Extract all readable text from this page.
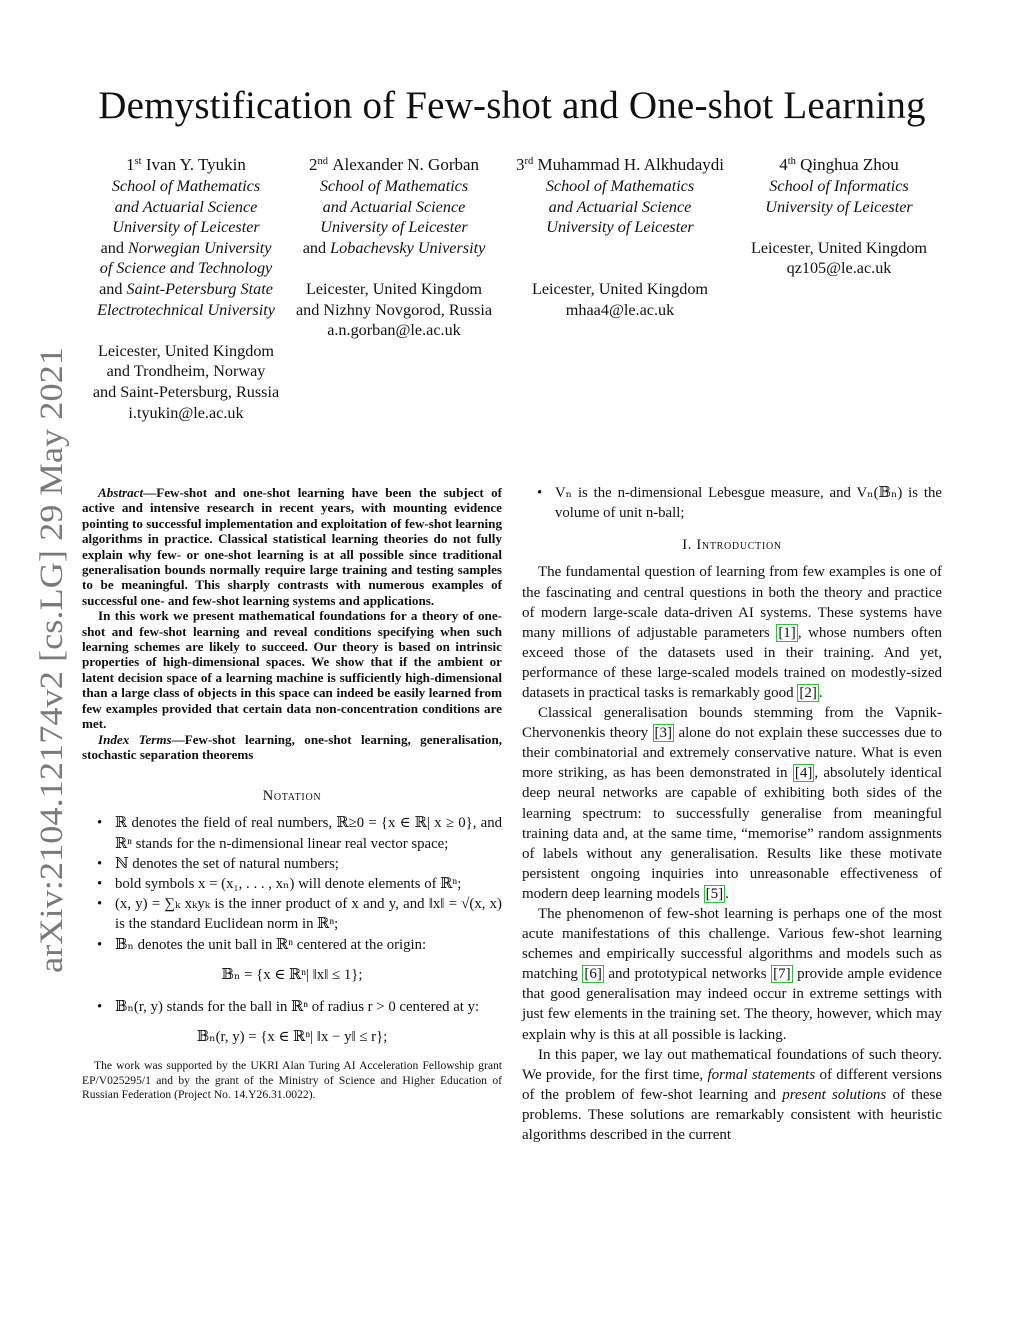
arXiv:2104.12174v2 [cs.LG] 29 May 2021
Demystification of Few-shot and One-shot Learning
1st Ivan Y. Tyukin
School of Mathematics
and Actuarial Science
University of Leicester
and Norwegian University
of Science and Technology
and Saint-Petersburg State
Electrotechnical University
Leicester, United Kingdom
and Trondheim, Norway
and Saint-Petersburg, Russia
i.tyukin@le.ac.uk
2nd Alexander N. Gorban
School of Mathematics
and Actuarial Science
University of Leicester
and Lobachevsky University
Leicester, United Kingdom
and Nizhny Novgorod, Russia
a.n.gorban@le.ac.uk
3rd Muhammad H. Alkhudaydi
School of Mathematics
and Actuarial Science
University of Leicester
Leicester, United Kingdom
mhaa4@le.ac.uk
4th Qinghua Zhou
School of Informatics
University of Leicester
Leicester, United Kingdom
qz105@le.ac.uk

Abstract—Few-shot and one-shot learning have been the subject of active and intensive research in recent years, with mounting evidence pointing to successful implementation and exploitation of few-shot learning algorithms in practice. Classical statistical learning theories do not fully explain why few- or one-shot learning is at all possible since traditional generalisation bounds normally require large training and testing samples to be meaningful. This sharply contrasts with numerous examples of successful one- and few-shot learning systems and applications.

In this work we present mathematical foundations for a theory of one-shot and few-shot learning and reveal conditions specifying when such learning schemes are likely to succeed. Our theory is based on intrinsic properties of high-dimensional spaces. We show that if the ambient or latent decision space of a learning machine is sufficiently high-dimensional than a large class of objects in this space can indeed be easily learned from few examples provided that certain data non-concentration conditions are met.

Index Terms—Few-shot learning, one-shot learning, generalisation, stochastic separation theorems

Notation
• ℝ denotes the field of real numbers, ℝ≥0 = {x ∈ ℝ| x ≥ 0}, and ℝⁿ stands for the n-dimensional linear real vector space;
• ℕ denotes the set of natural numbers;
• bold symbols x = (x₁, . . . , xₙ) will denote elements of ℝⁿ;
• (x, y) = ∑ₖ xₖyₖ is the inner product of x and y, and ‖x‖ = √(x, x) is the standard Euclidean norm in ℝⁿ;
• 𝔹ₙ denotes the unit ball in ℝⁿ centered at the origin:
𝔹ₙ = {x ∈ ℝⁿ| ‖x‖ ≤ 1};
• 𝔹ₙ(r, y) stands for the ball in ℝⁿ of radius r > 0 centered at y:
𝔹ₙ(r, y) = {x ∈ ℝⁿ| ‖x − y‖ ≤ r};

The work was supported by the UKRI Alan Turing AI Acceleration Fellowship grant EP/V025295/1 and by the grant of the Ministry of Science and Higher Education of Russian Federation (Project No. 14.Y26.31.0022).

• Vₙ is the n-dimensional Lebesgue measure, and Vₙ(𝔹ₙ) is the volume of unit n-ball;
I. Introduction

The fundamental question of learning from few examples is one of the fascinating and central questions in both the theory and practice of modern large-scale data-driven AI systems. These systems have many millions of adjustable parameters [1] , whose numbers often exceed those of the datasets used in their training. And yet, performance of these large-scaled models trained on modestly-sized datasets in practical tasks is remarkably good [2] .

Classical generalisation bounds stemming from the Vapnik-Chervonenkis theory [3] alone do not explain these successes due to their combinatorial and extremely conservative nature. What is even more striking, as has been demonstrated in [4] , absolutely identical deep neural networks are capable of exhibiting both sides of the learning spectrum: to successfully generalise from meaningful training data and, at the same time, “memorise” random assignments of labels without any generalisation. Results like these motivate persistent ongoing inquiries into unreasonable effectiveness of modern deep learning models [5] .

The phenomenon of few-shot learning is perhaps one of the most acute manifestations of this challenge. Various few-shot learning schemes and empirically successful algorithms and models such as matching [6] and prototypical networks [7] provide ample evidence that good generalisation may indeed occur in extreme settings with just few elements in the training set. The theory, however, which may explain why is this at all possible is lacking.

In this paper, we lay out mathematical foundations of such theory. We provide, for the first time, formal statements of different versions of the problem of few-shot learning and present solutions of these problems. These solutions are remarkably consistent with heuristic algorithms described in the current
